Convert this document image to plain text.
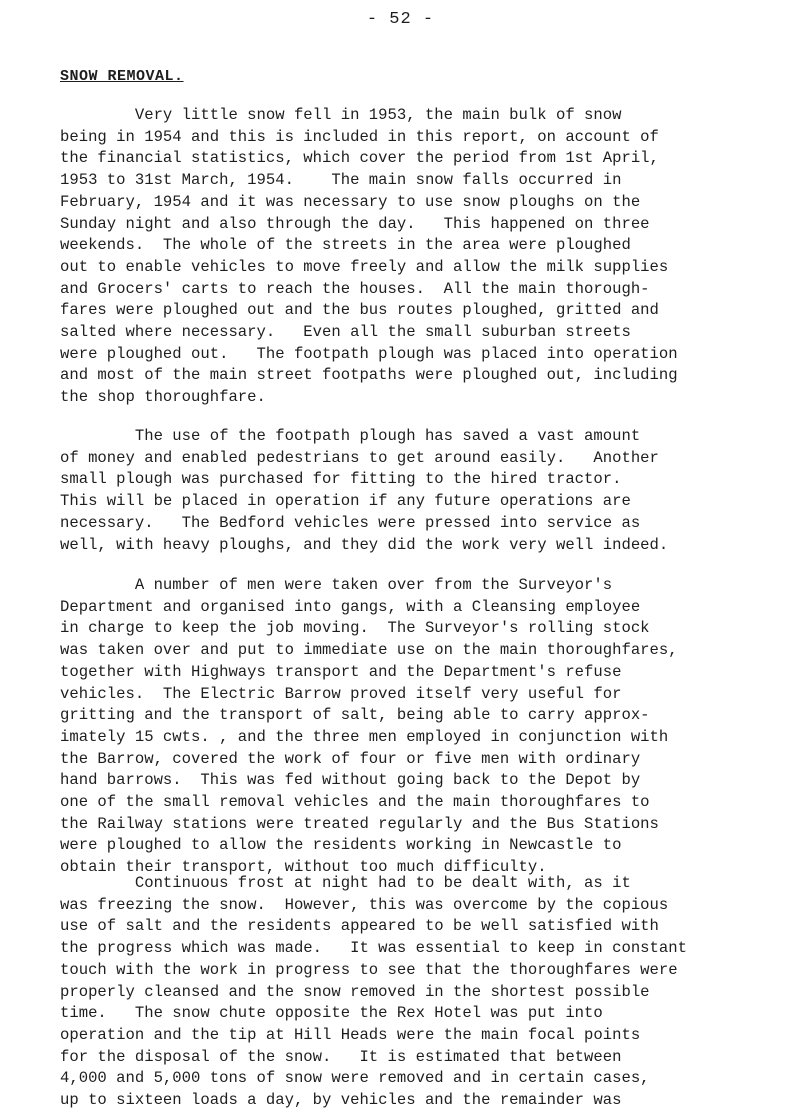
- 52 -
SNOW REMOVAL.
Very little snow fell in 1953, the main bulk of snow
being in 1954 and this is included in this report, on account of
the financial statistics, which cover the period from 1st April,
1953 to 31st March, 1954.    The main snow falls occurred in
February, 1954 and it was necessary to use snow ploughs on the
Sunday night and also through the day.   This happened on three
weekends.  The whole of the streets in the area were ploughed
out to enable vehicles to move freely and allow the milk supplies
and Grocers' carts to reach the houses.  All the main thorough-
fares were ploughed out and the bus routes ploughed, gritted and
salted where necessary.   Even all the small suburban streets
were ploughed out.   The footpath plough was placed into operation
and most of the main street footpaths were ploughed out, including
the shop thoroughfare.
The use of the footpath plough has saved a vast amount
of money and enabled pedestrians to get around easily.   Another
small plough was purchased for fitting to the hired tractor.
This will be placed in operation if any future operations are
necessary.   The Bedford vehicles were pressed into service as
well, with heavy ploughs, and they did the work very well indeed.
A number of men were taken over from the Surveyor's
Department and organised into gangs, with a Cleansing employee
in charge to keep the job moving.  The Surveyor's rolling stock
was taken over and put to immediate use on the main thoroughfares,
together with Highways transport and the Department's refuse
vehicles.  The Electric Barrow proved itself very useful for
gritting and the transport of salt, being able to carry approx-
imately 15 cwts. , and the three men employed in conjunction with
the Barrow, covered the work of four or five men with ordinary
hand barrows.  This was fed without going back to the Depot by
one of the small removal vehicles and the main thoroughfares to
the Railway stations were treated regularly and the Bus Stations
were ploughed to allow the residents working in Newcastle to
obtain their transport, without too much difficulty.
Continuous frost at night had to be dealt with, as it
was freezing the snow.  However, this was overcome by the copious
use of salt and the residents appeared to be well satisfied with
the progress which was made.   It was essential to keep in constant
touch with the work in progress to see that the thoroughfares were
properly cleansed and the snow removed in the shortest possible
time.   The snow chute opposite the Rex Hotel was put into
operation and the tip at Hill Heads were the main focal points
for the disposal of the snow.   It is estimated that between
4,000 and 5,000 tons of snow were removed and in certain cases,
up to sixteen loads a day, by vehicles and the remainder was
